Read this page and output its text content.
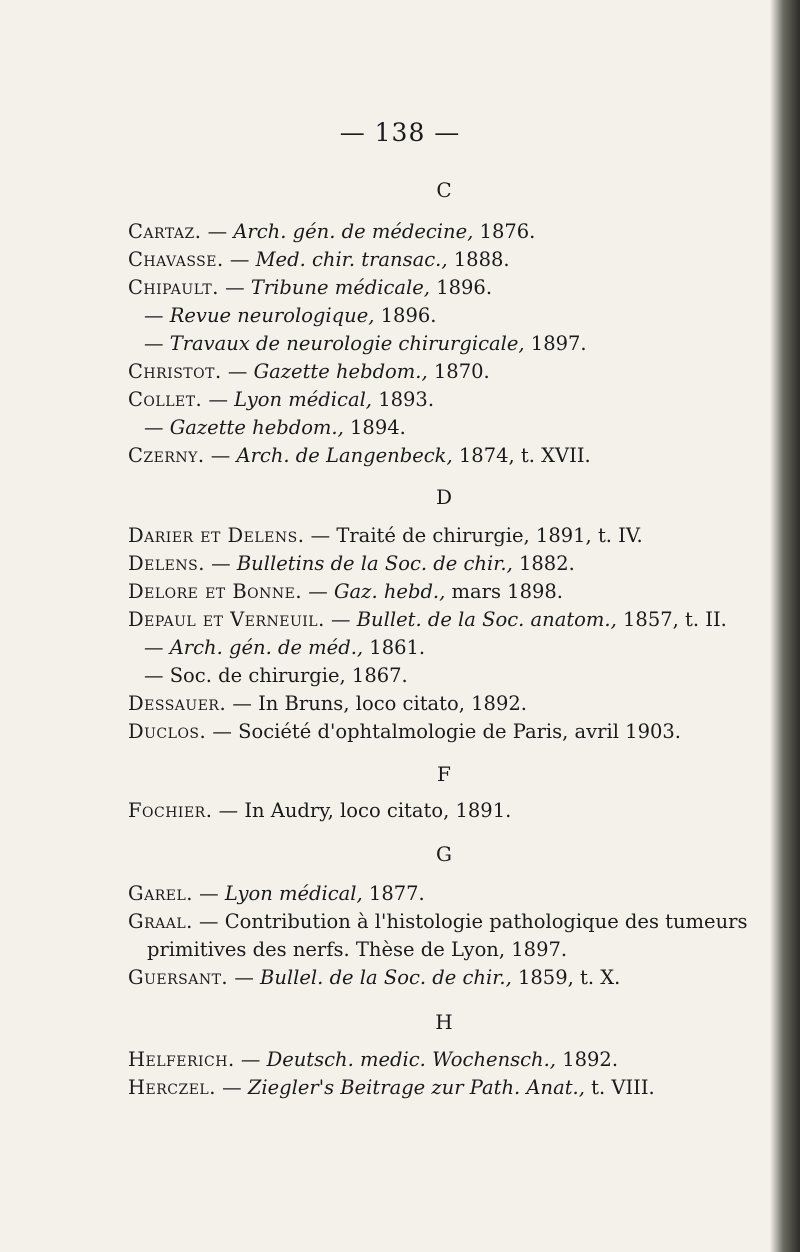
— 138 —
C
Cartaz. — Arch. gén. de médecine, 1876.
Chavasse. — Med. chir. transac., 1888.
Chipault. — Tribune médicale, 1896.
— Revue neurologique, 1896.
— Travaux de neurologie chirurgicale, 1897.
Christot. — Gazette hebdom., 1870.
Collet. — Lyon médical, 1893.
— Gazette hebdom., 1894.
Czerny. — Arch. de Langenbeck, 1874, t. XVII.
D
Darier et Delens. — Traité de chirurgie, 1891, t. IV.
Delens. — Bulletins de la Soc. de chir., 1882.
Delore et Bonne. — Gaz. hebd., mars 1898.
Depaul et Verneuil. — Bullet. de la Soc. anatom., 1857, t. II.
— Arch. gén. de méd., 1861.
— Soc. de chirurgie, 1867.
Dessauer. — In Bruns, loco citato, 1892.
Duclos. — Société d'ophtalmologie de Paris, avril 1903.
F
Fochier. — In Audry, loco citato, 1891.
G
Garel. — Lyon médical, 1877.
Graal. — Contribution à l'histologie pathologique des tumeurs
primitives des nerfs. Thèse de Lyon, 1897.
Guersant. — Bullel. de la Soc. de chir., 1859, t. X.
H
Helferich. — Deutsch. medic. Wochensch., 1892.
Herczel. — Ziegler's Beitrage zur Path. Anat., t. VIII.
